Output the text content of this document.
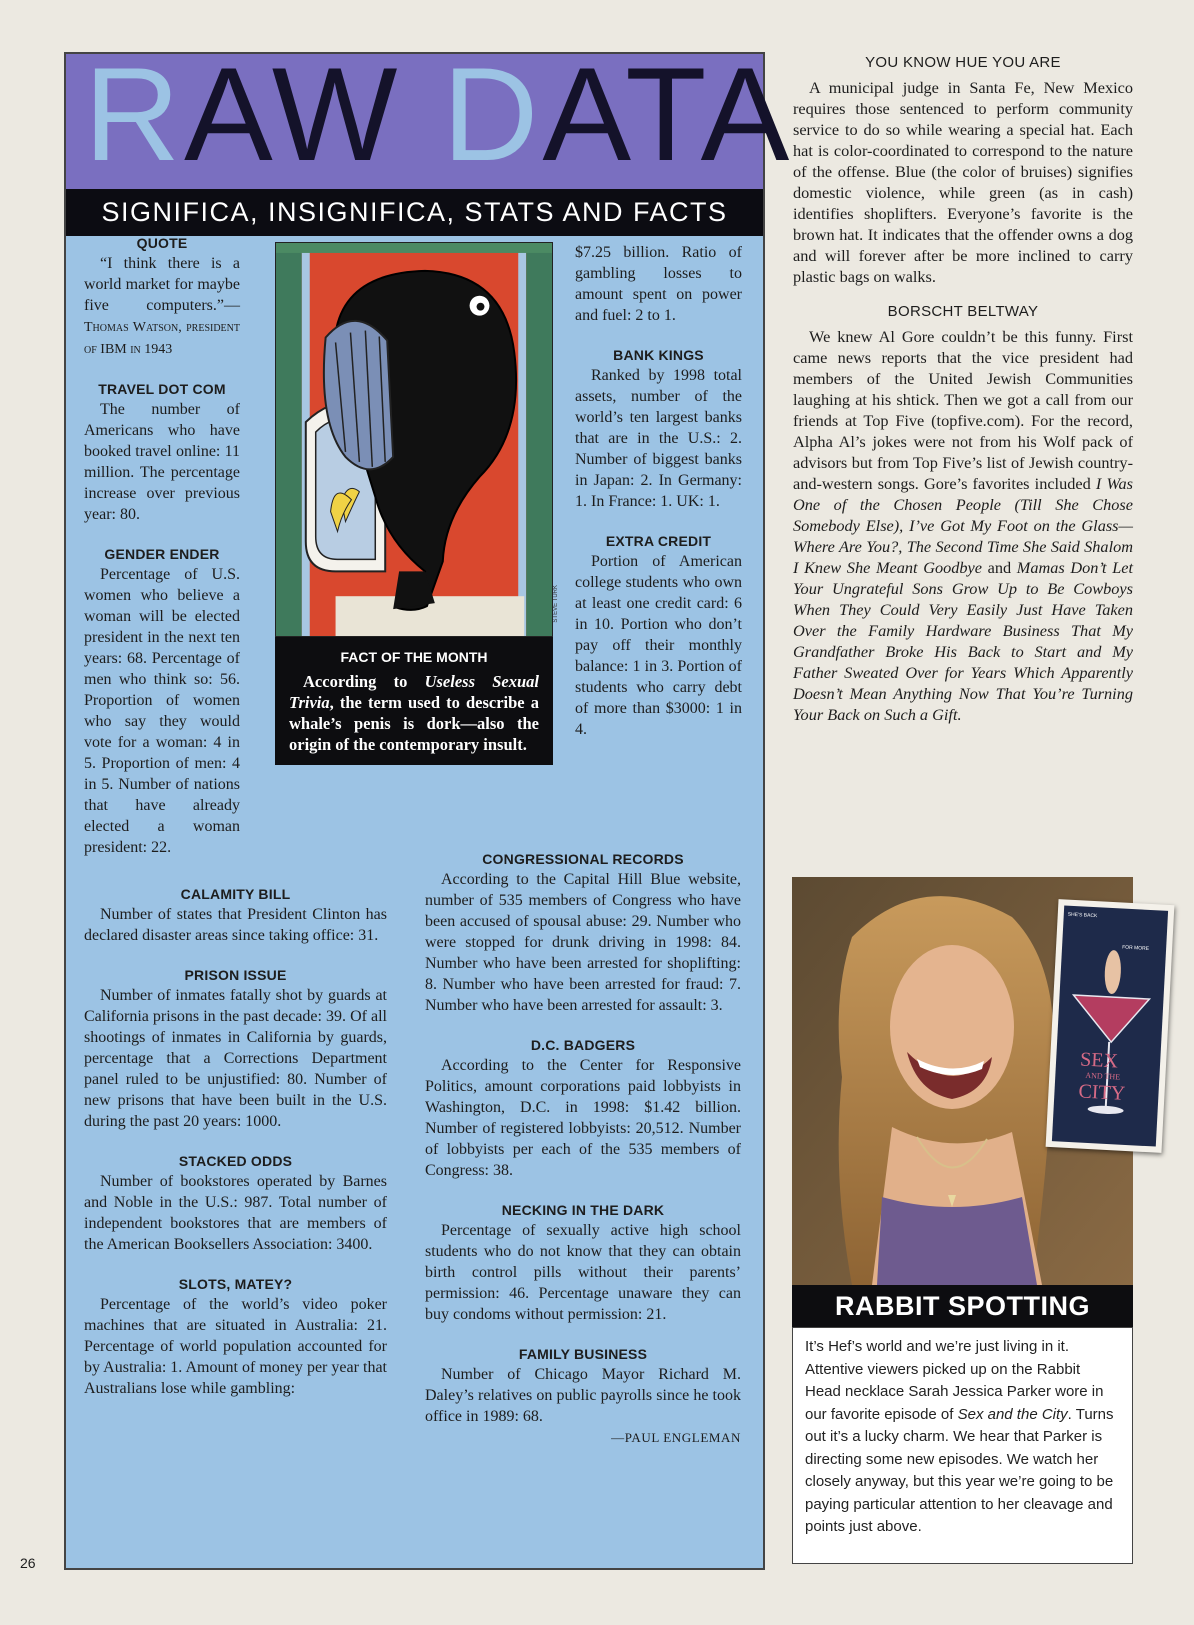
RAW DATA
SIGNIFICA, INSIGNIFICA, STATS AND FACTS
QUOTE

“I think there is a world market for maybe five computers.”—Thomas Watson, president of IBM in 1943

TRAVEL DOT COM

The number of Americans who have booked travel online: 11 million. The percentage increase over previous year: 80.

GENDER ENDER

Percentage of U.S. women who believe a woman will be elected president in the next ten years: 68. Percentage of men who think so: 56. Proportion of women who say they would vote for a woman: 4 in 5. Proportion of men: 4 in 5. Number of nations that have already elected a woman president: 22.

CALAMITY BILL

Number of states that President Clinton has declared disaster areas since taking office: 31.

PRISON ISSUE

Number of inmates fatally shot by guards at California prisons in the past decade: 39. Of all shootings of inmates in California by guards, percentage that a Corrections Department panel ruled to be unjustified: 80. Number of new prisons that have been built in the U.S. during the past 20 years: 1000.

STACKED ODDS

Number of bookstores operated by Barnes and Noble in the U.S.: 987. Total number of independent bookstores that are members of the American Booksellers Association: 3400.

SLOTS, MATEY?

Percentage of the world’s video poker machines that are situated in Australia: 21. Percentage of world population accounted for by Australia: 1. Amount of money per year that Australians lose while gambling:

$7.25 billion. Ratio of gambling losses to amount spent on power and fuel: 2 to 1.

BANK KINGS

Ranked by 1998 total assets, number of the world’s ten largest banks that are in the U.S.: 2. Number of biggest banks in Japan: 2. In Germany: 1. In France: 1. UK: 1.

EXTRA CREDIT

Portion of American college students who own at least one credit card: 6 in 10. Portion who don’t pay off their monthly balance: 1 in 3. Portion of students who carry debt of more than $3000: 1 in 4.

CONGRESSIONAL RECORDS

According to the Capital Hill Blue website, number of 535 members of Congress who have been accused of spousal abuse: 29. Number who were stopped for drunk driving in 1998: 84. Number who have been arrested for shoplifting: 8. Number who have been arrested for fraud: 7. Number who have been arrested for assault: 3.

D.C. BADGERS

According to the Center for Responsive Politics, amount corporations paid lobbyists in Washington, D.C. in 1998: $1.42 billion. Number of registered lobbyists: 20,512. Number of lobbyists per each of the 535 members of Congress: 38.

NECKING IN THE DARK

Percentage of sexually active high school students who do not know that they can obtain birth control pills without their parents’ permission: 46. Percentage unaware they can buy condoms without permission: 21.

FAMILY BUSINESS

Number of Chicago Mayor Richard M. Daley’s relatives on public payrolls since he took office in 1989: 68.

—PAUL ENGLEMAN
FACT OF THE MONTH

According to Useless Sexual Trivia, the term used to describe a whale’s penis is dork—also the origin of the contemporary insult.

STEVE TURK
YOU KNOW HUE YOU ARE

A municipal judge in Santa Fe, New Mexico requires those sentenced to perform community service to do so while wearing a special hat. Each hat is color-coordinated to correspond to the nature of the offense. Blue (the color of bruises) signifies domestic violence, while green (as in cash) identifies shoplifters. Everyone’s favorite is the brown hat. It indicates that the offender owns a dog and will forever after be more inclined to carry plastic bags on walks.

BORSCHT BELTWAY

We knew Al Gore couldn’t be this funny. First came news reports that the vice president had members of the United Jewish Communities laughing at his shtick. Then we got a call from our friends at Top Five (topfive.com). For the record, Alpha Al’s jokes were not from his Wolf pack of advisors but from Top Five’s list of Jewish country-and-western songs. Gore’s favorites included I Was One of the Chosen People (Till She Chose Somebody Else), I’ve Got My Foot on the Glass—Where Are You?, The Second Time She Said Shalom I Knew She Meant Goodbye and Mamas Don’t Let Your Ungrateful Sons Grow Up to Be Cowboys When They Could Very Easily Just Have Taken Over the Family Hardware Business That My Grandfather Broke His Back to Start and My Father Sweated Over for Years Which Apparently Doesn’t Mean Anything Now That You’re Turning Your Back on Such a Gift.

SHE'S BACK
FOR MORE
SEX
AND THE
CITY
RABBIT SPOTTING

It’s Hef’s world and we’re just living in it. Attentive viewers picked up on the Rabbit Head necklace Sarah Jessica Parker wore in our favorite episode of Sex and the City. Turns out it’s a lucky charm. We hear that Parker is directing some new episodes. We watch her closely anyway, but this year we’re going to be paying particular attention to her cleavage and points just above.

26
